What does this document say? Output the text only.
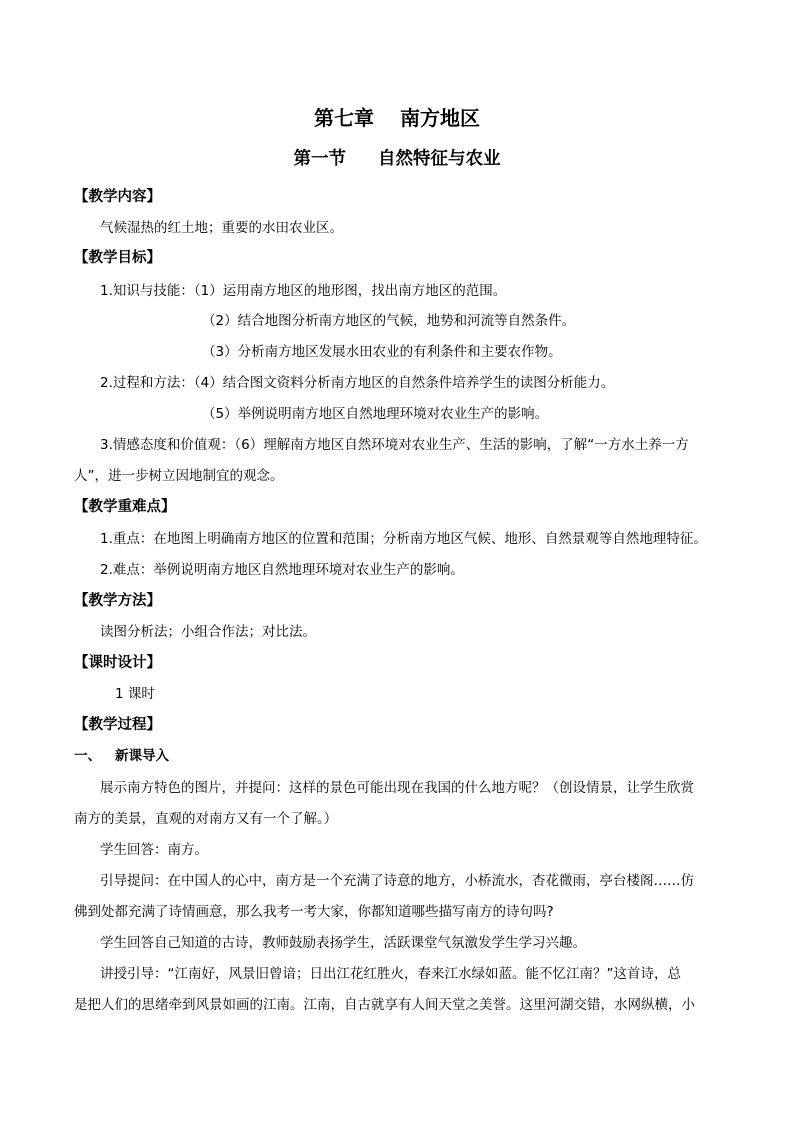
第七章 南方地区
第一节 自然特征与农业
【教学内容】
气候湿热的红土地；重要的水田农业区。
【教学目标】
1.知识与技能：（1）运用南方地区的地形图，找出南方地区的范围。
（2）结合地图分析南方地区的气候，地势和河流等自然条件。
（3）分析南方地区发展水田农业的有利条件和主要农作物。
2.过程和方法：（4）结合图文资料分析南方地区的自然条件培养学生的读图分析能力。
（5）举例说明南方地区自然地理环境对农业生产的影响。
3.情感态度和价值观：（6）理解南方地区自然环境对农业生产、生活的影响，了解“一方水土养一方
人”，进一步树立因地制宜的观念。
【教学重难点】
1.重点：在地图上明确南方地区的位置和范围；分析南方地区气候、地形、自然景观等自然地理特征。
2.难点：举例说明南方地区自然地理环境对农业生产的影响。
【教学方法】
读图分析法；小组合作法；对比法。
【课时设计】
1 课时
【教学过程】
一、 新课导入
展示南方特色的图片，并提问：这样的景色可能出现在我国的什么地方呢？（创设情景，让学生欣赏
南方的美景，直观的对南方又有一个了解。）
学生回答：南方。
引导提问：在中国人的心中，南方是一个充满了诗意的地方，小桥流水，杏花微雨，亭台楼阁……仿
佛到处都充满了诗情画意，那么我考一考大家，你都知道哪些描写南方的诗句吗?
学生回答自己知道的古诗，教师鼓励表扬学生，活跃课堂气氛激发学生学习兴趣。
讲授引导：“江南好，风景旧曾谙；日出江花红胜火，春来江水绿如蓝。能不忆江南？”这首诗，总
是把人们的思绪牵到风景如画的江南。江南，自古就享有人间天堂之美誉。这里河湖交错，水网纵横，小
